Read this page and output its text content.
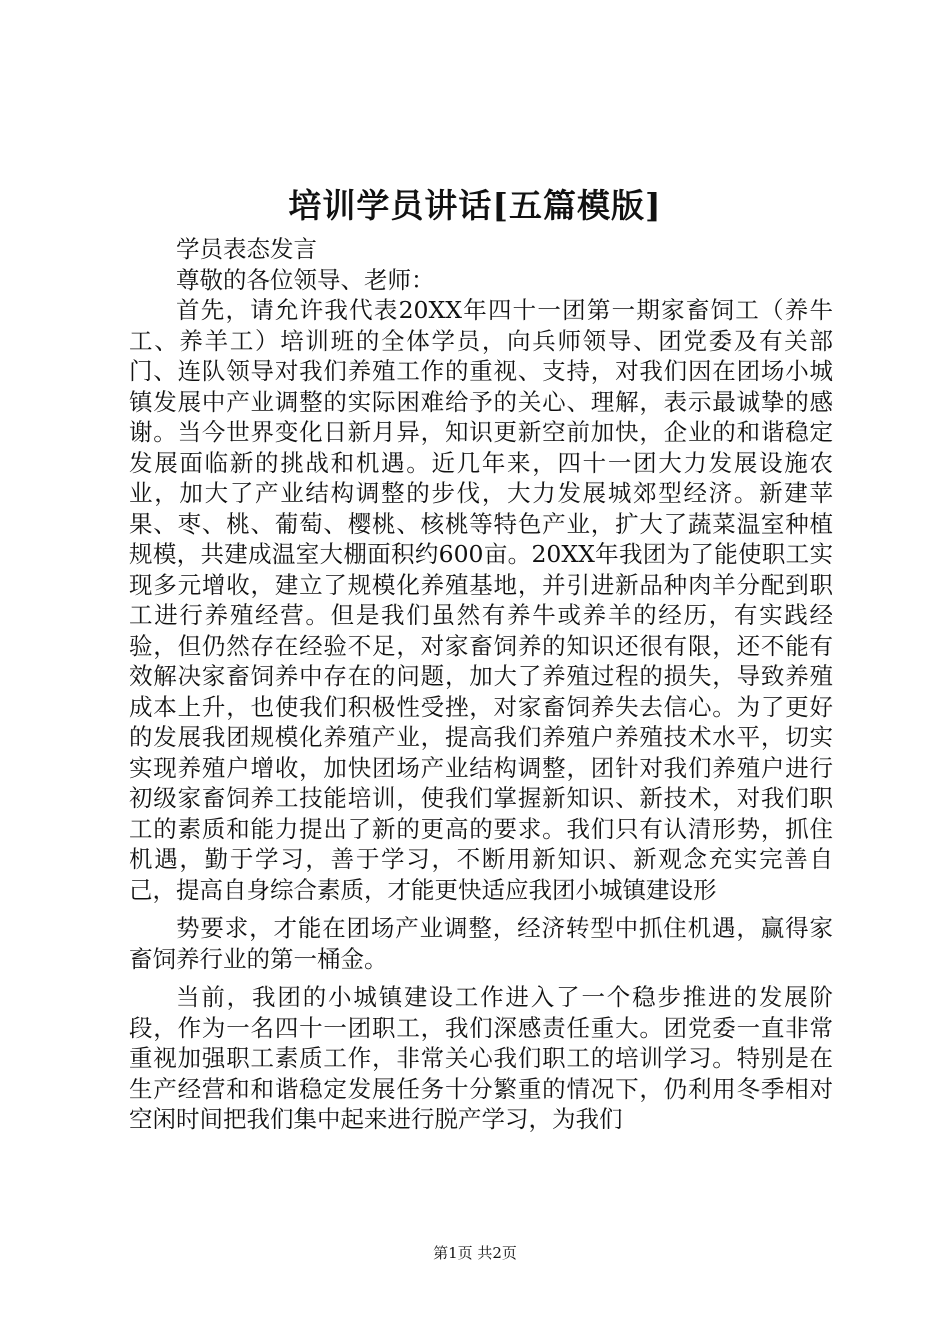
培训学员讲话[五篇模版]

学员表态发言

尊敬的各位领导、老师：

首先，请允许我代表20XX年四十一团第一期家畜饲工（养牛工、养羊工）培训班的全体学员，向兵师领导、团党委及有关部门、连队领导对我们养殖工作的重视、支持，对我们因在团场小城镇发展中产业调整的实际困难给予的关心、理解，表示最诚挚的感谢。当今世界变化日新月异，知识更新空前加快，企业的和谐稳定发展面临新的挑战和机遇。近几年来，四十一团大力发展设施农业，加大了产业结构调整的步伐，大力发展城郊型经济。新建苹果、枣、桃、葡萄、樱桃、核桃等特色产业，扩大了蔬菜温室种植规模，共建成温室大棚面积约600亩。20XX年我团为了能使职工实现多元增收，建立了规模化养殖基地，并引进新品种肉羊分配到职工进行养殖经营。但是我们虽然有养牛或养羊的经历，有实践经验，但仍然存在经验不足，对家畜饲养的知识还很有限，还不能有效解决家畜饲养中存在的问题，加大了养殖过程的损失，导致养殖成本上升，也使我们积极性受挫，对家畜饲养失去信心。为了更好的发展我团规模化养殖产业，提高我们养殖户养殖技术水平，切实实现养殖户增收，加快团场产业结构调整，团针对我们养殖户进行初级家畜饲养工技能培训，使我们掌握新知识、新技术，对我们职工的素质和能力提出了新的更高的要求。我们只有认清形势，抓住机遇，勤于学习，善于学习，不断用新知识、新观念充实完善自己，提高自身综合素质，才能更快适应我团小城镇建设形

势要求，才能在团场产业调整，经济转型中抓住机遇，赢得家畜饲养行业的第一桶金。

当前，我团的小城镇建设工作进入了一个稳步推进的发展阶段，作为一名四十一团职工，我们深感责任重大。团党委一直非常重视加强职工素质工作，非常关心我们职工的培训学习。特别是在生产经营和和谐稳定发展任务十分繁重的情况下，仍利用冬季相对空闲时间把我们集中起来进行脱产学习，为我们

第1页 共2页
